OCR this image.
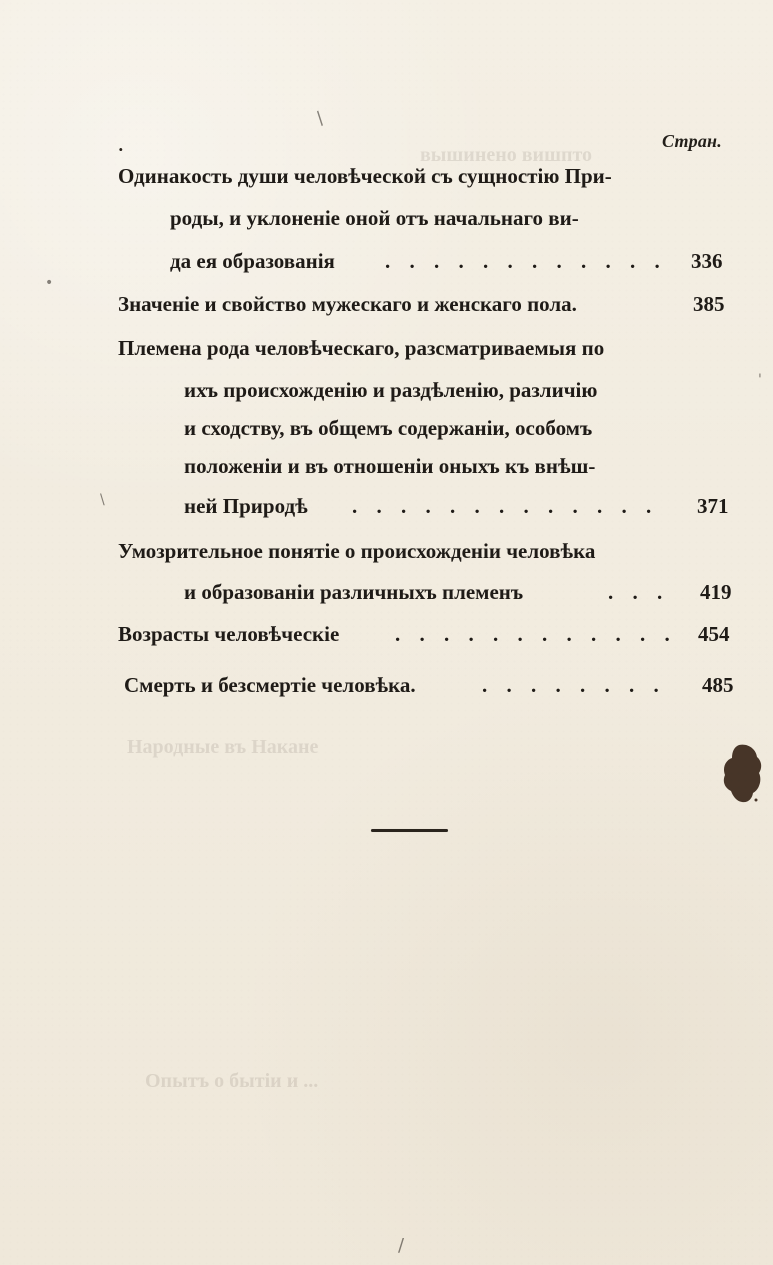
/
•
\
'
/
вышинено вишпто
Народные въ Накане
Опытъ о бытіи и ...
.	Стран.
Одинакость души человѣческой съ сущностію При-
роды, и уклоненіе оной отъ начальнаго ви-
да ея образованія . . . . . . . . . . . . 336
Значеніе и свойство мужескаго и женскаго пола.	385
Племена рода человѣческаго, разсматриваемыя по
ихъ происхожденію и раздѣленію, различію
и сходству, въ общемъ содержаніи, особомъ
положеніи и въ отношеніи оныхъ къ внѣш-
ней Природѣ . . . . . . . . . . . . . 371
Умозрительное понятіе о происхожденіи человѣка
и образованіи различныхъ племенъ	. . . 419
Возрасты человѣческіе	. . . . . . . . . . . . 454
Смерть и безсмертіе человѣка.	. . . . . . . . 485
